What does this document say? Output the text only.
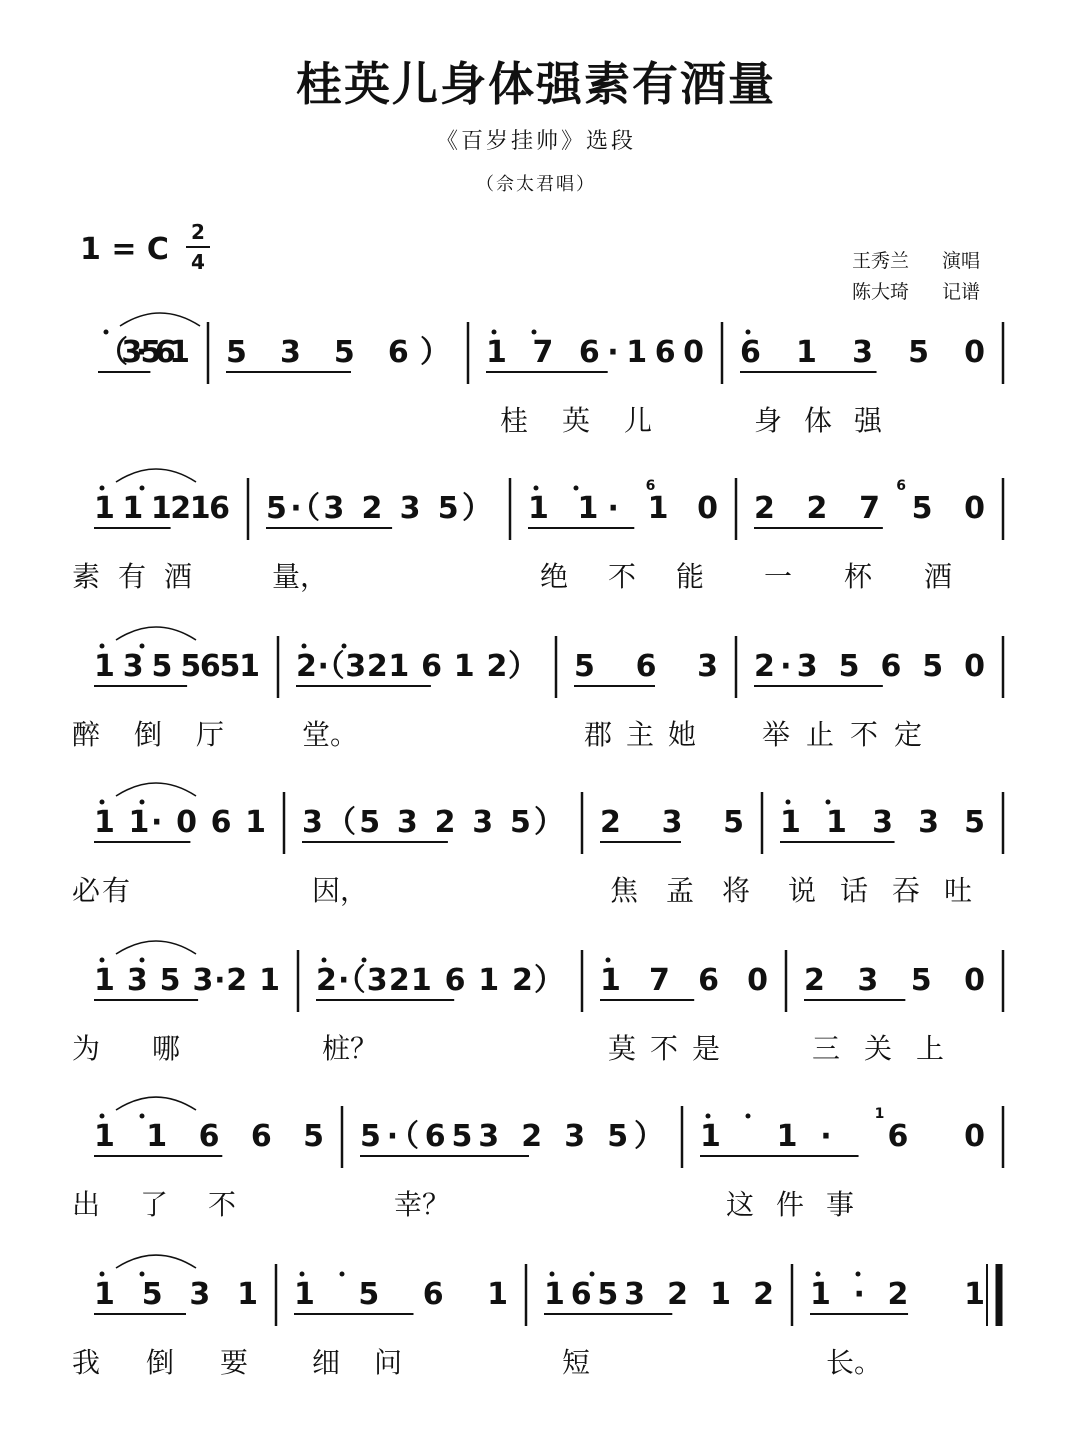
桂英儿身体强素有酒量
《百岁挂帅》选段
（佘太君唱）
1 = C 2
4	王秀兰 演唱
陈大琦 记谱
（3·561 5 3 5 6） 1 7 6·160
桂英儿
6 1 3 5 0
身体强
1 1 1216
素有酒
5·（3 2 3 5）
量，
1 1· 1 0
6
绝不能
2 2 7 5 0
6
一杯酒
1 3 5 5651
醉倒厅
2·（321 6 1 2）
堂。
5 6 3
郡主她
2·3 5 6 5 0
举止不定
1 1· 0 6 1
必有
3（5 3 2 3 5）
因，
2 3 5
焦孟将
1 1 3 3 5
说话吞吐
1 3 5 3·2 1
为哪
2·（321 6 1 2）
桩？
1 7 6 0
莫不是
2 3 5 0
三关上
1 1 6 6 5
出了不
5·（653 2 3 5）
幸？
1 1· 6 0
1
这件事
1 5 3 1
我倒要
1 5 6 1
细问
1653 2 1 2
短
1·2 1
长。
